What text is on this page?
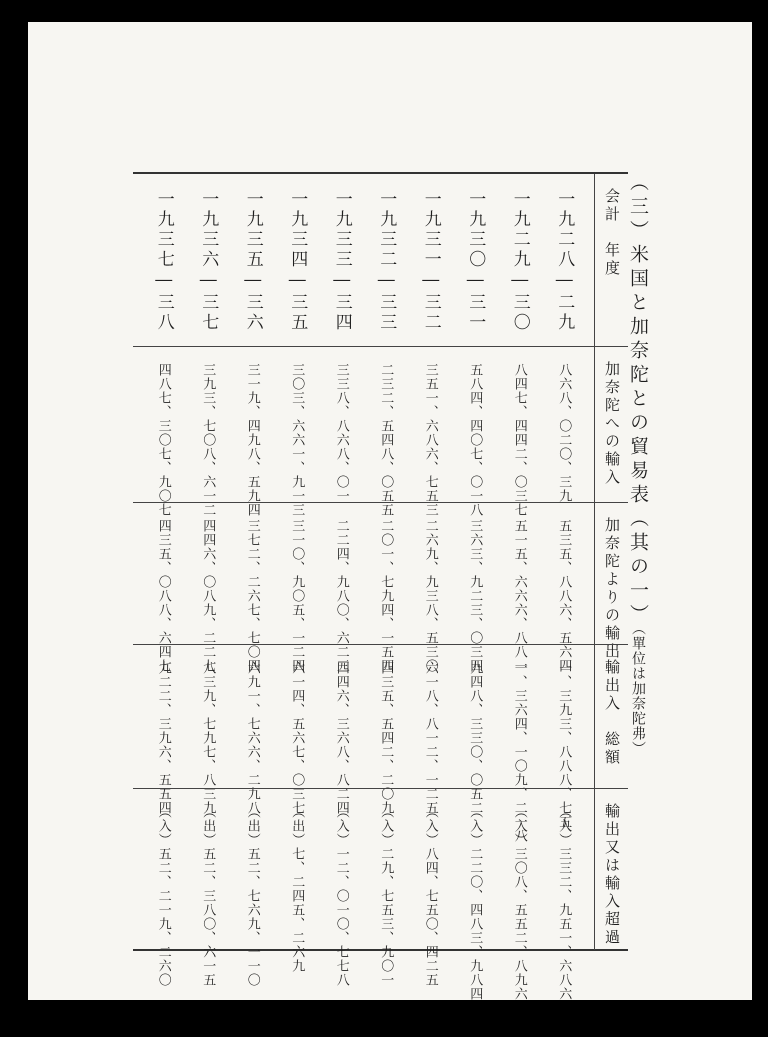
（三）米国と加奈陀との貿易表（其の一）（單位は加奈陀弗）
会計　年度
一九二八―二九
一九二九―三〇
一九三〇―三一
一九三一―三二
一九三二―三三
一九三三―三四
一九三四―三五
一九三五―三六
一九三六―三七
一九三七―三八
加奈陀への輸入
八六八、〇二〇、三九
八四七、四四二、〇三七
五八四、四〇七、〇一八
三五一、六八六、七五三
二三二、五四八、〇五五
三三八、八六八、〇一
三〇三、六六一、九一三
三一九、四九八、五九四
三九三、七〇八、六一二
四八七、三〇七、九〇七
加奈陀よりの輸出
五三五、八八六、五六四
五一五、六六六、八八一
三六三、九二三、〇三四
二六九、九三八、五三〇
二〇一、七九四、一五四
二二四、九八〇、六二三
三一〇、九〇五、一二四
三七二、二六七、七〇四
四四六、〇八九、二二七
四三五、〇八八、六四七
輸出入　総額
一、三九三、八八八、七五
一、三六四、一〇九、二一八
九四八、三三〇、〇五二
六一八、八一二、一二五
四三五、五四二、二〇九
四四六、三六八、八二四
六一四、五六七、〇三七
六九一、七六六、二九八
八三九、七九七、八三九
九二二、三九六、五五四
輸出又は輸入超過
（入）三三二、九五一、六八六
（入）三〇八、五五二、八九六
（入）二二〇、四八三、九八四
（入）八四、七五〇、四二五
（入）二九、七五三、九〇一
（入）一二、〇一〇、七七八
（出）七、二四五、二六九
（出）五二、七六九、一一〇
（出）五二、三八〇、六一五
（入）五二、二一九、二六〇
